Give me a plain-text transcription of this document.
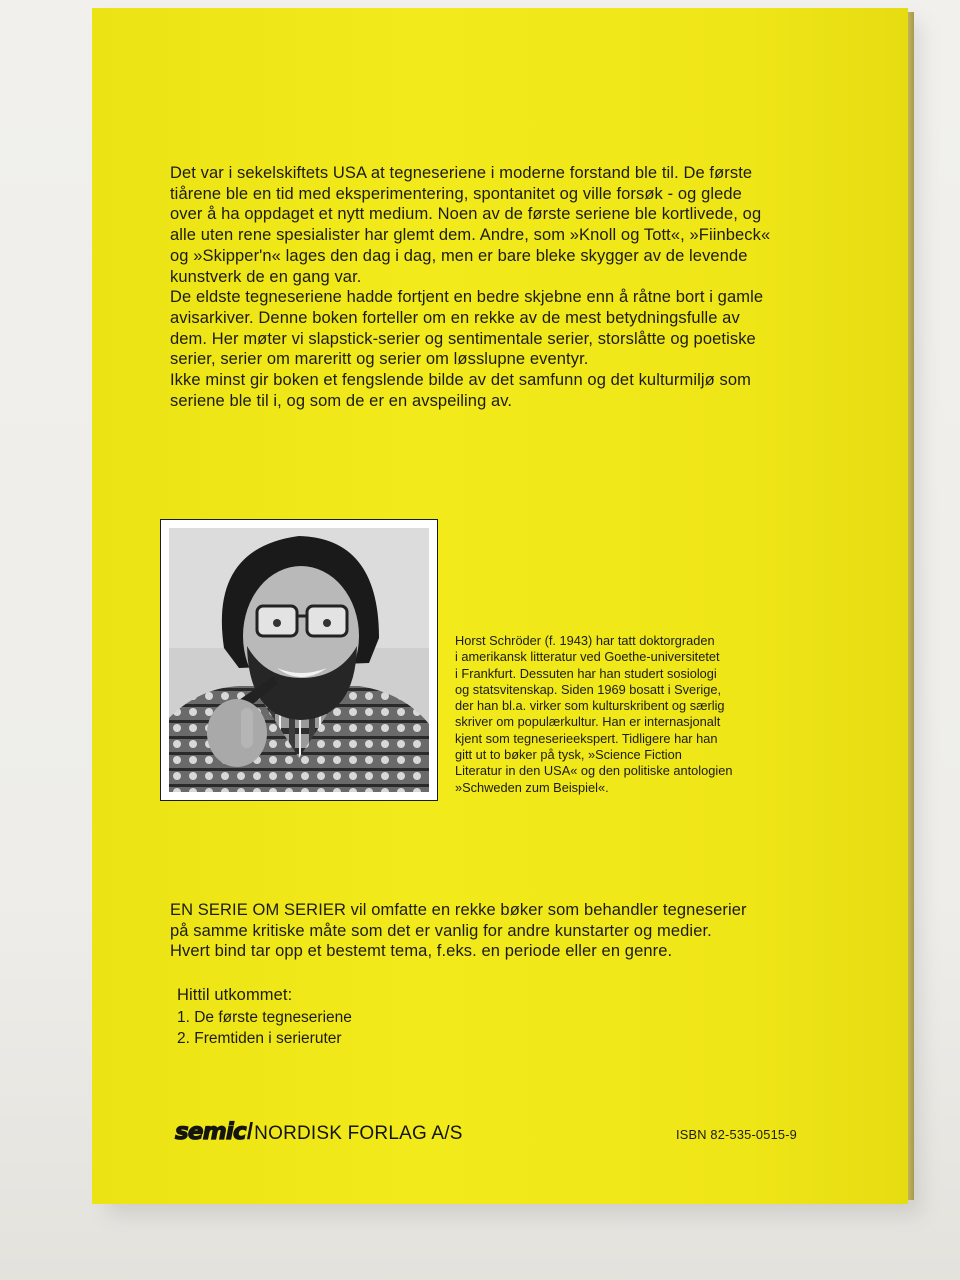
Det var i sekelskiftets USA at tegneseriene i moderne forstand ble til. De første
tiårene ble en tid med eksperimentering, spontanitet og ville forsøk - og glede
over å ha oppdaget et nytt medium. Noen av de første seriene ble kortlivede, og
alle uten rene spesialister har glemt dem. Andre, som »Knoll og Tott«, »Fiinbeck«
og »Skipper'n« lages den dag i dag, men er bare bleke skygger av de levende
kunstverk de en gang var.
De eldste tegneseriene hadde fortjent en bedre skjebne enn å råtne bort i gamle
avisarkiver. Denne boken forteller om en rekke av de mest betydningsfulle av
dem. Her møter vi slapstick-serier og sentimentale serier, storslåtte og poetiske
serier, serier om mareritt og serier om løsslupne eventyr.
Ikke minst gir boken et fengslende bilde av det samfunn og det kulturmiljø som
seriene ble til i, og som de er en avspeiling av.
Horst Schröder (f. 1943) har tatt doktorgraden
i amerikansk litteratur ved Goethe-universitetet
i Frankfurt. Dessuten har han studert sosiologi
og statsvitenskap. Siden 1969 bosatt i Sverige,
der han bl.a. virker som kulturskribent og særlig
skriver om populærkultur. Han er internasjonalt
kjent som tegneserieekspert. Tidligere har han
gitt ut to bøker på tysk, »Science Fiction
Literatur in den USA« og den politiske antologien
»Schweden zum Beispiel«.
EN SERIE OM SERIER vil omfatte en rekke bøker som behandler tegneserier
på samme kritiske måte som det er vanlig for andre kunstarter og medier.
Hvert bind tar opp et bestemt tema, f.eks. en periode eller en genre.
Hittil utkommet:
1. De første tegneseriene
2. Fremtiden i serieruter
semic / NORDISK FORLAG A/S	ISBN 82-535-0515-9
